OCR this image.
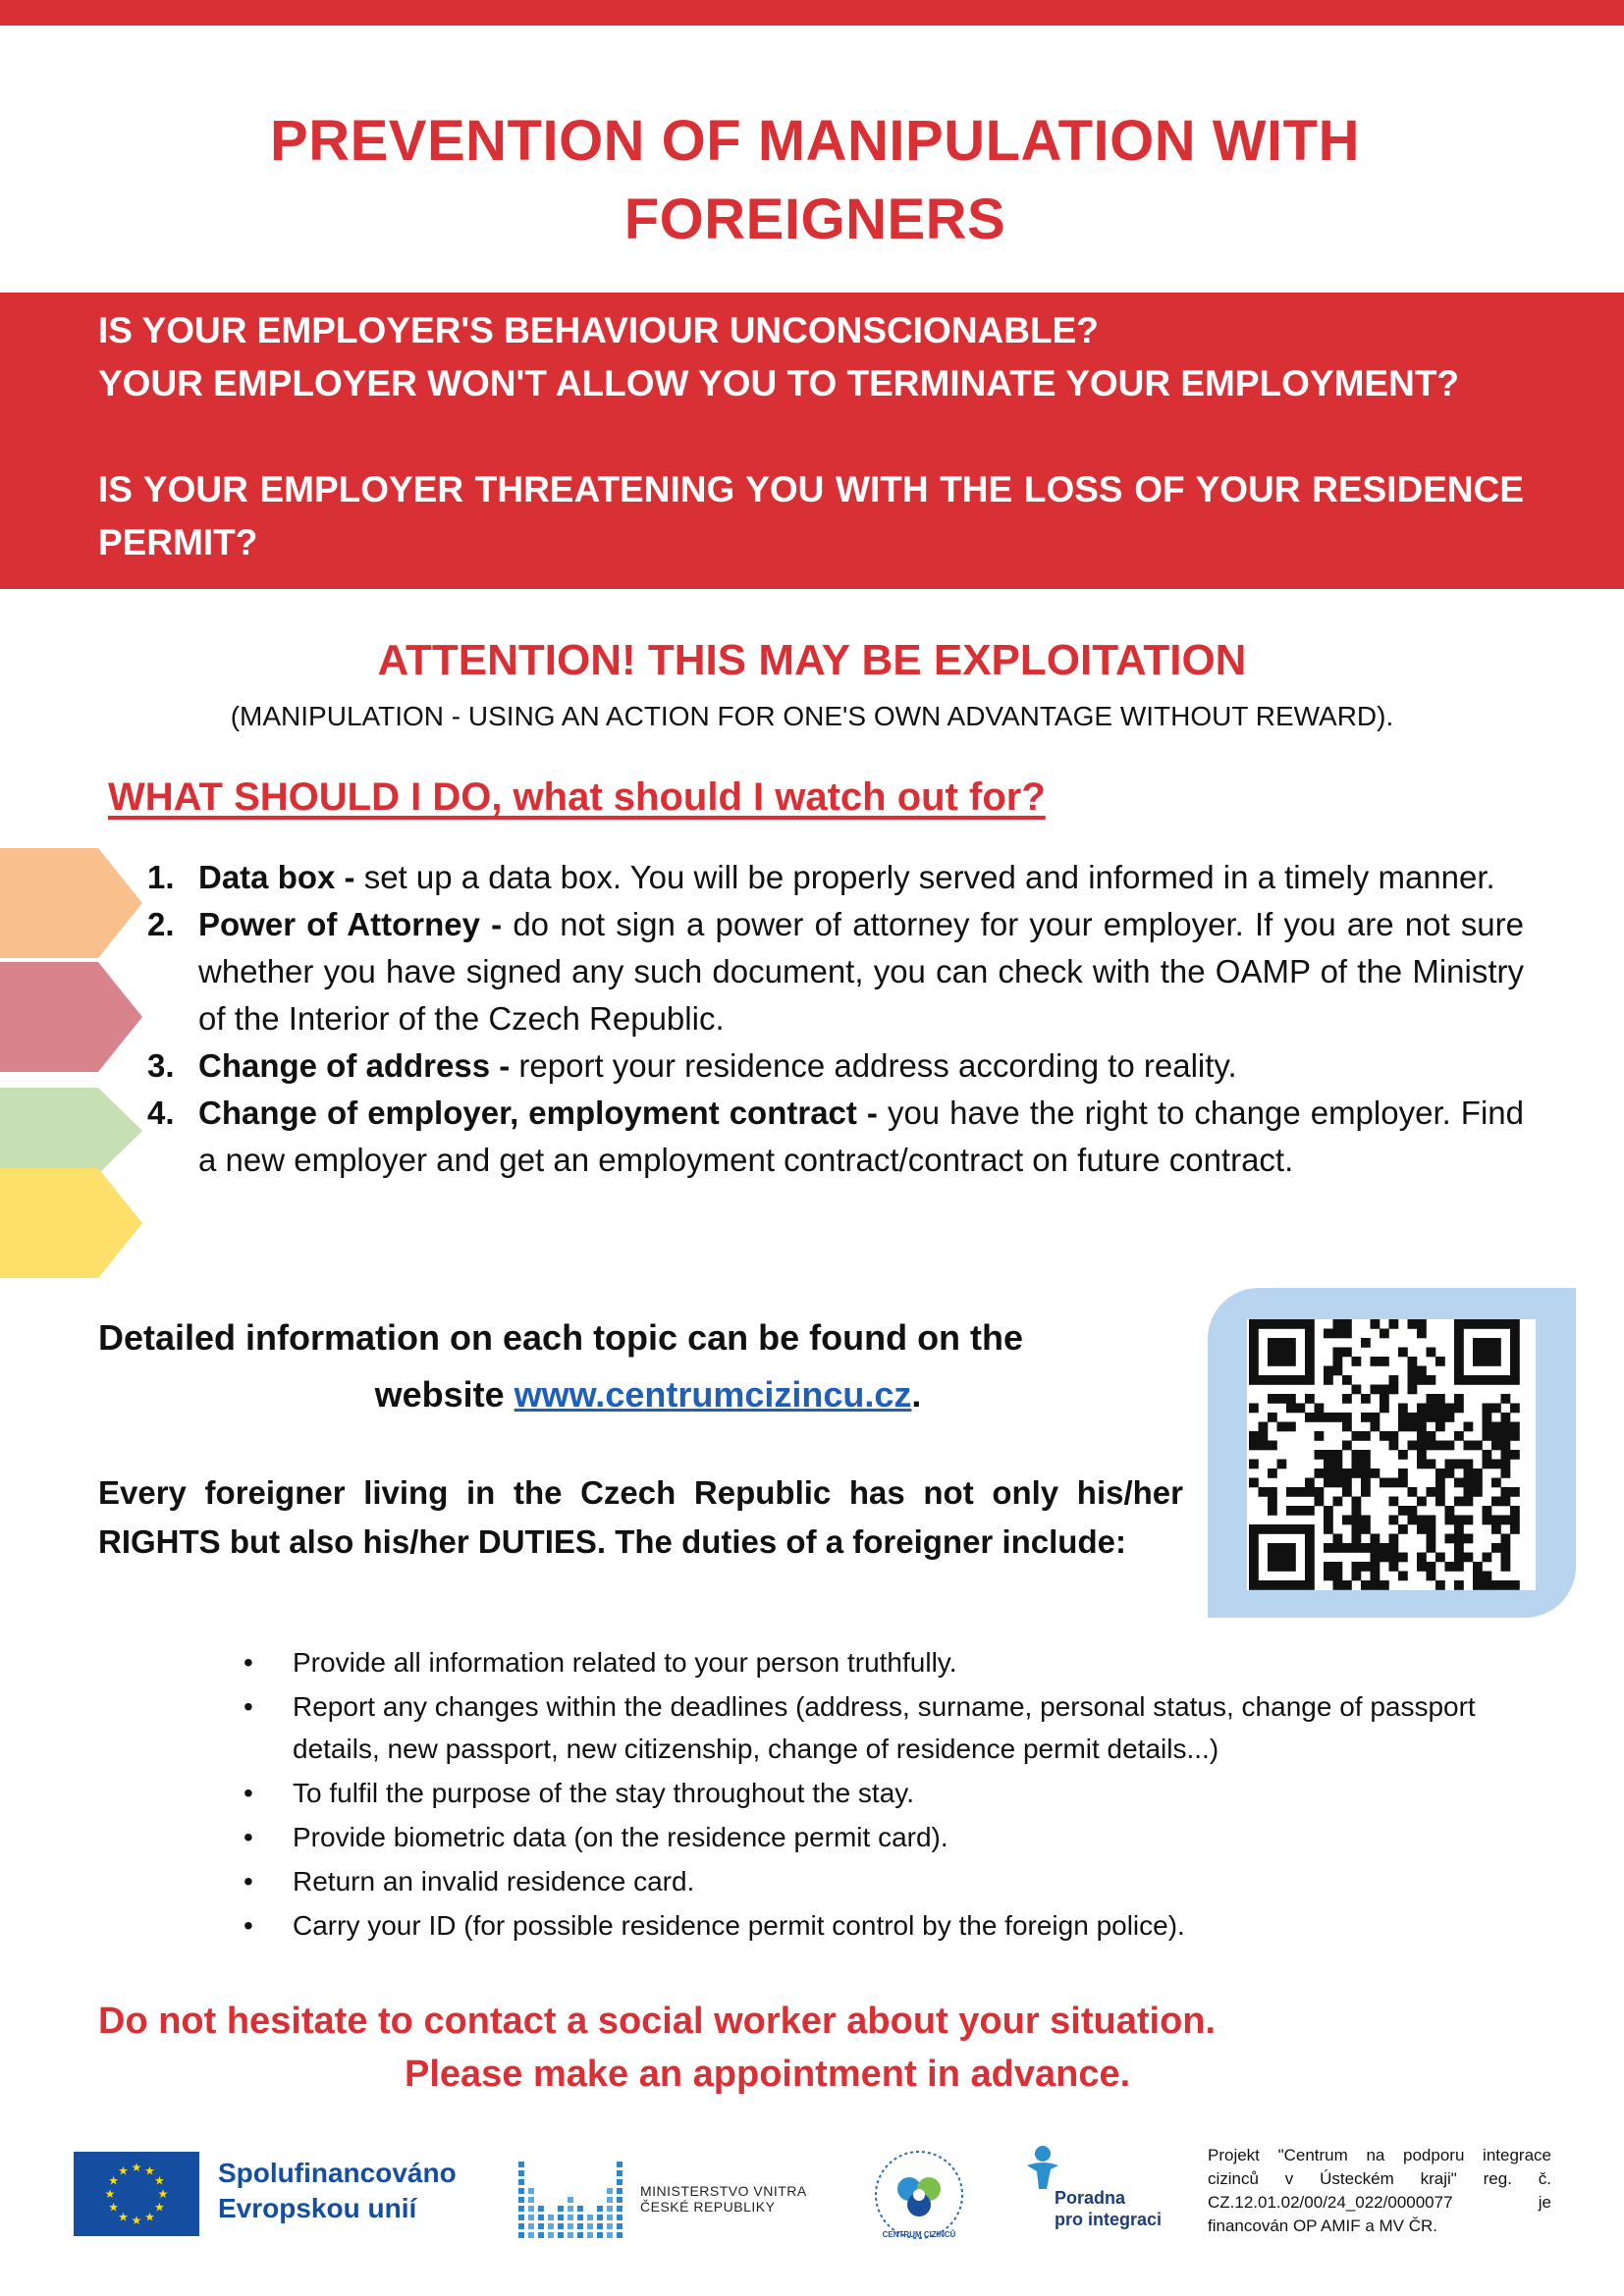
PREVENTION OF MANIPULATION WITH
FOREIGNERS
IS YOUR EMPLOYER'S BEHAVIOUR UNCONSCIONABLE?
YOUR EMPLOYER WON'T ALLOW YOU TO TERMINATE YOUR EMPLOYMENT?
IS YOUR EMPLOYER THREATENING YOU WITH THE LOSS OF YOUR RESIDENCE PERMIT?
ATTENTION! THIS MAY BE EXPLOITATION
(MANIPULATION - USING AN ACTION FOR ONE'S OWN ADVANTAGE WITHOUT REWARD).
WHAT SHOULD I DO, what should I watch out for?
1. Data box - set up a data box. You will be properly served and informed in a timely manner.
2. Power of Attorney - do not sign a power of attorney for your employer. If you are not sure whether you have signed any such document, you can check with the OAMP of the Ministry of the Interior of the Czech Republic.
3. Change of address - report your residence address according to reality.
4. Change of employer, employment contract - you have the right to change employer. Find a new employer and get an employment contract/contract on future contract.
Detailed information on each topic can be found on the
website www.centrumcizincu.cz.
Every foreigner living in the Czech Republic has not only his/her RIGHTS but also his/her DUTIES. The duties of a foreigner include:
• Provide all information related to your person truthfully.
• Report any changes within the deadlines (address, surname, personal status, change of passport details, new passport, new citizenship, change of residence permit details...)
• To fulfil the purpose of the stay throughout the stay.
• Provide biometric data (on the residence permit card).
• Return an invalid residence card.
• Carry your ID (for possible residence permit control by the foreign police).
Do not hesitate to contact a social worker about your situation.
Please make an appointment in advance.
★
★
★
★
★
★
★
★
★ ★ ★
★ Spolufinancováno
Evropskou unií
MINISTERSTVO VNITRA
ČESKÉ REPUBLIKY
CENTRUM CIZINCŮ
Poradna
pro integraci
Projekt "Centrum na podporu integrace cizinců v Ústeckém kraji" reg. č. CZ.12.01.02/00/24_022/0000077 je financován OP AMIF a MV ČR.
